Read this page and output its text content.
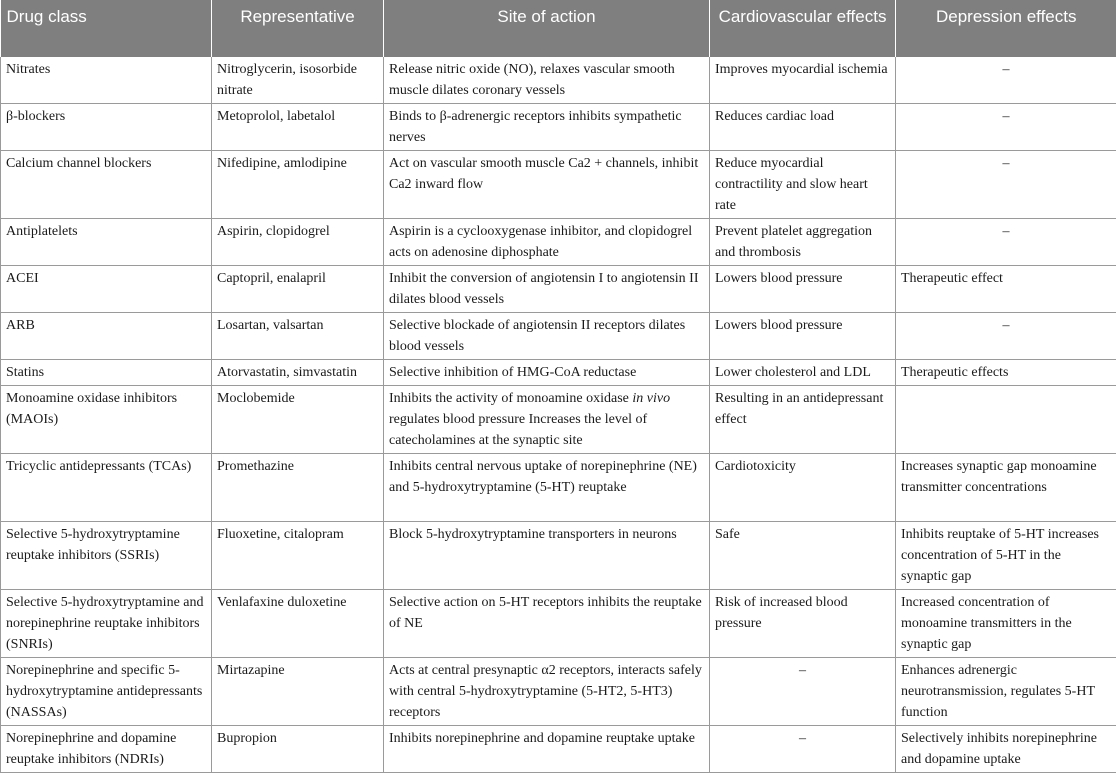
Drug class	Representative	Site of action	Cardiovascular effects	Depression effects
Nitrates	Nitroglycerin, isosorbide nitrate	Release nitric oxide (NO), relaxes vascular smooth muscle dilates coronary vessels	Improves myocardial ischemia	–
β-blockers	Metoprolol, labetalol	Binds to β-adrenergic receptors inhibits sympathetic nerves	Reduces cardiac load	–
Calcium channel blockers	Nifedipine, amlodipine	Act on vascular smooth muscle Ca2 + channels, inhibit Ca2 inward flow	Reduce myocardial contractility and slow heart rate	–
Antiplatelets	Aspirin, clopidogrel	Aspirin is a cyclooxygenase inhibitor, and clopidogrel acts on adenosine diphosphate	Prevent platelet aggregation and thrombosis	–
ACEI	Captopril, enalapril	Inhibit the conversion of angiotensin I to angiotensin II dilates blood vessels	Lowers blood pressure	Therapeutic effect
ARB	Losartan, valsartan	Selective blockade of angiotensin II receptors dilates blood vessels	Lowers blood pressure	–
Statins	Atorvastatin, simvastatin	Selective inhibition of HMG-CoA reductase	Lower cholesterol and LDL	Therapeutic effects
Monoamine oxidase inhibitors (MAOIs)	Moclobemide	Inhibits the activity of monoamine oxidase in vivo regulates blood pressure Increases the level of catecholamines at the synaptic site	Resulting in an antidepressant effect	
Tricyclic antidepressants (TCAs)	Promethazine	Inhibits central nervous uptake of norepinephrine (NE) and 5-hydroxytryptamine (5-HT) reuptake	Cardiotoxicity	Increases synaptic gap monoamine transmitter concentrations
Selective 5-hydroxytryptamine reuptake inhibitors (SSRIs)	Fluoxetine, citalopram	Block 5-hydroxytryptamine transporters in neurons	Safe	Inhibits reuptake of 5-HT increases concentration of 5-HT in the synaptic gap
Selective 5-hydroxytryptamine and norepinephrine reuptake inhibitors (SNRIs)	Venlafaxine duloxetine	Selective action on 5-HT receptors inhibits the reuptake of NE	Risk of increased blood pressure	Increased concentration of monoamine transmitters in the synaptic gap
Norepinephrine and specific 5-hydroxytryptamine antidepressants (NASSAs)	Mirtazapine	Acts at central presynaptic α2 receptors, interacts safely with central 5-hydroxytryptamine (5-HT2, 5-HT3) receptors	–	Enhances adrenergic neurotransmission, regulates 5-HT function
Norepinephrine and dopamine reuptake inhibitors (NDRIs)	Bupropion	Inhibits norepinephrine and dopamine reuptake uptake	–	Selectively inhibits norepinephrine and dopamine uptake
